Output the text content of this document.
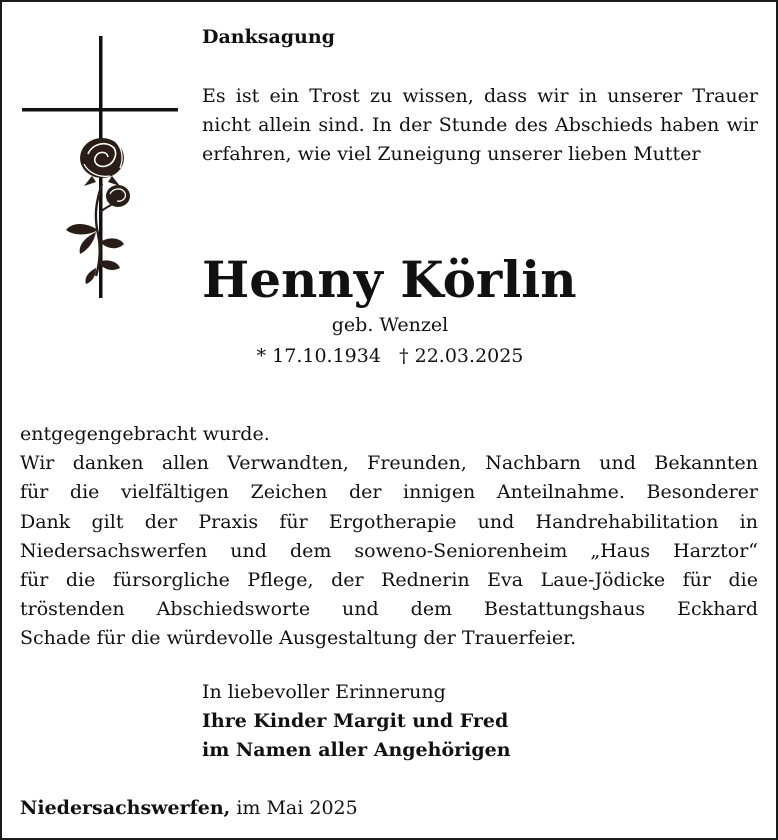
Danksagung

Es ist ein Trost zu wissen, dass wir in unserer Trauer nicht allein sind. In der Stunde des Abschieds haben wir erfahren, wie viel Zuneigung unserer lieben Mutter

Henny Körlin

geb. Wenzel

* 17.10.1934 † 22.03.2025

entgegengebracht wurde.
Wir danken allen Verwandten, Freunden, Nachbarn und Bekannten
für die vielfältigen Zeichen der innigen Anteilnahme. Besonderer
Dank gilt der Praxis für Ergotherapie und Handrehabilitation in
Niedersachswerfen und dem soweno-Seniorenheim „Haus Harztor“
für die fürsorgliche Pflege, der Rednerin Eva Laue-Jödicke für die
tröstenden Abschiedsworte und dem Bestattungshaus Eckhard
Schade für die würdevolle Ausgestaltung der Trauerfeier.
In liebevoller Erinnerung
Ihre Kinder Margit und Fred
im Namen aller Angehörigen

Niedersachswerfen, im Mai 2025
